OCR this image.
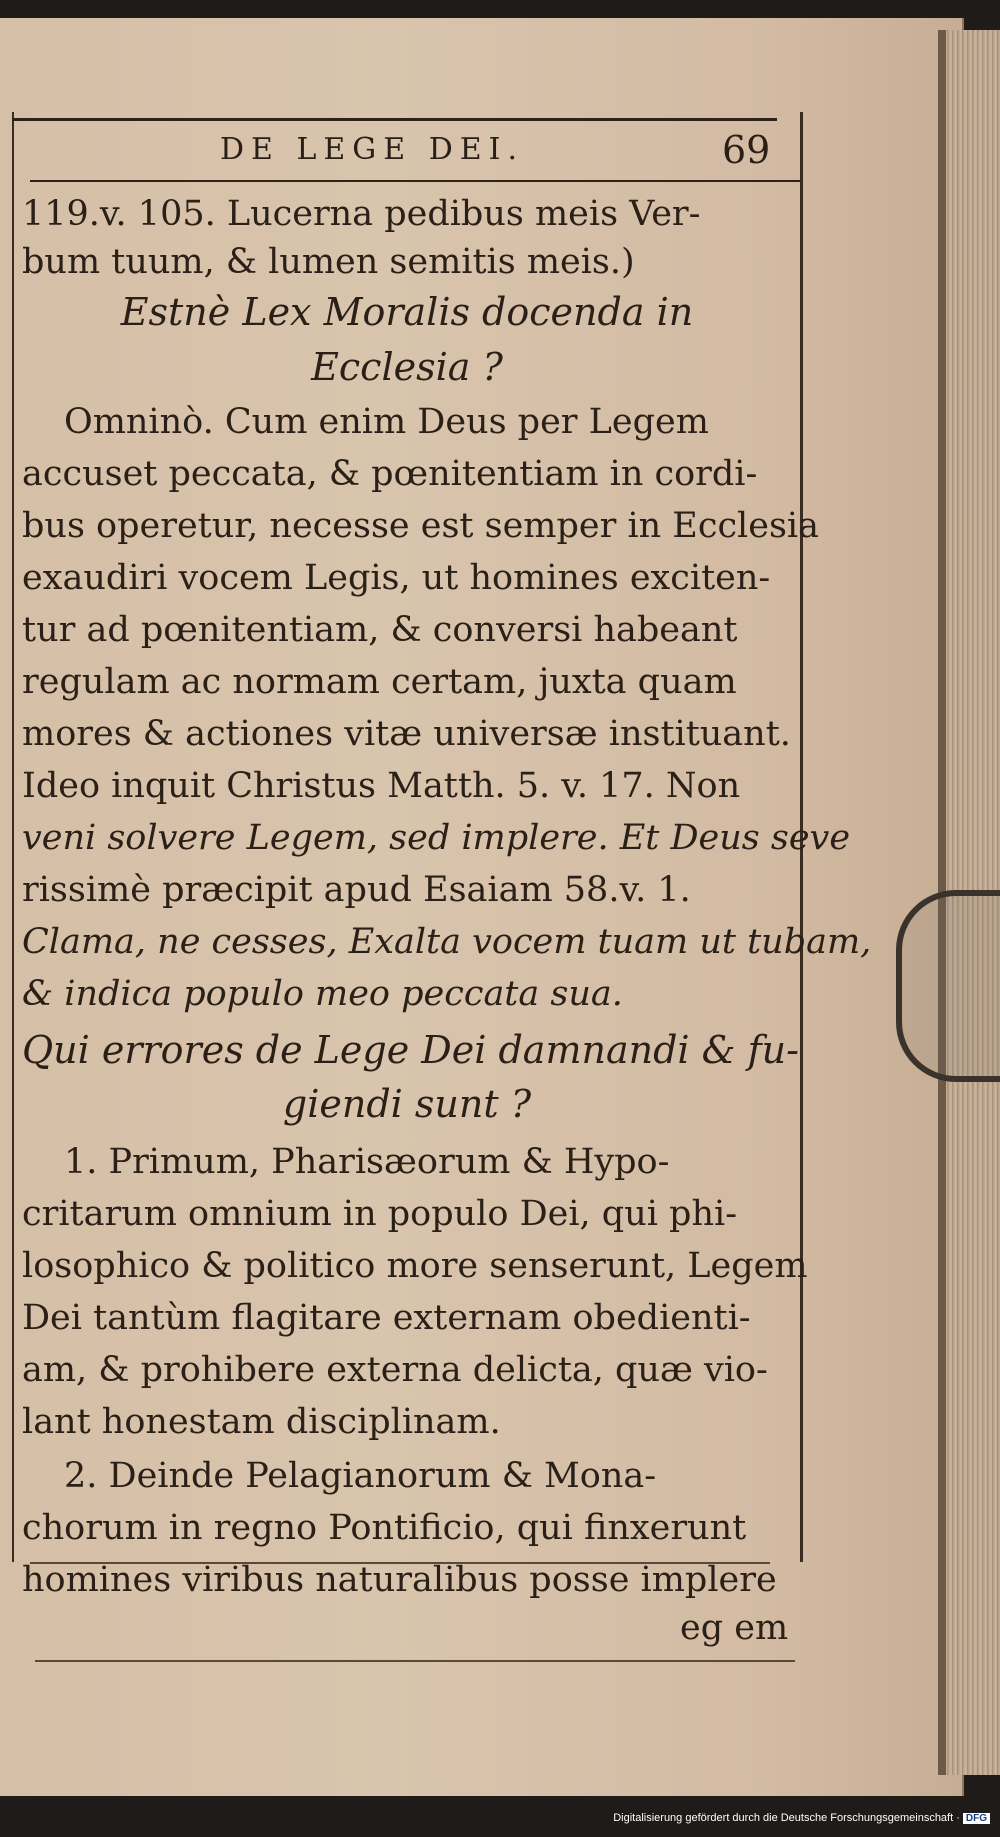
DE LEGE DEI.	69
119.v. 105. Lucerna pedibus meis Ver-
bum tuum, & lumen semitis meis.)
Estnè Lex Moralis docenda in
Ecclesia ?
Omninò. Cum enim Deus per Legem
accuset peccata, & pœnitentiam in cordi-
bus operetur, necesse est semper in Ecclesia
exaudiri vocem Legis, ut homines exciten-
tur ad pœnitentiam, & conversi habeant
regulam ac normam certam, juxta quam
mores & actiones vitæ universæ instituant.
Ideo inquit Christus Matth. 5. v. 17. Non
veni solvere Legem, sed implere. Et Deus seve
rissimè præcipit apud Esaiam 58.v. 1.
Clama, ne cesses, Exalta vocem tuam ut tubam,
& indica populo meo peccata sua.
Qui errores de Lege Dei damnandi & fu-
giendi sunt ?
1. Primum, Pharisæorum & Hypo-
critarum omnium in populo Dei, qui phi-
losophico & politico more senserunt, Legem
Dei tantùm flagitare externam obedienti-
am, & prohibere externa delicta, quæ vio-
lant honestam disciplinam.
2. Deinde Pelagianorum & Mona-
chorum in regno Pontificio, qui finxerunt
homines viribus naturalibus posse implere
eg em
Digitalisierung gefördert durch die Deutsche Forschungsgemeinschaft · DFG
